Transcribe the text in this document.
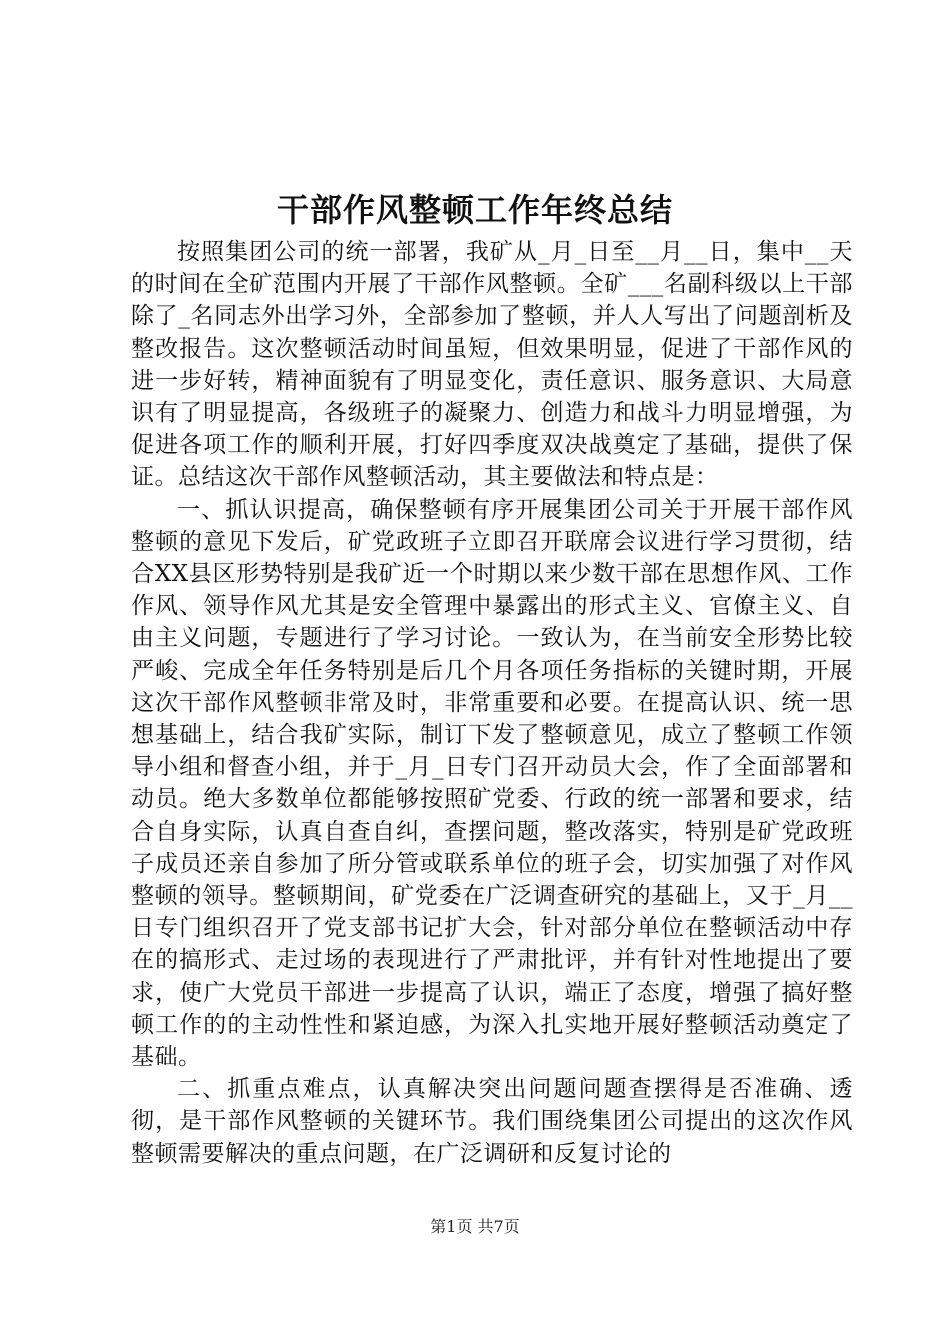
干部作风整顿工作年终总结

按照集团公司的统一部署，我矿从_月_日至__月__日，集中__天的时间在全矿范围内开展了干部作风整顿。全矿___名副科级以上干部除了_名同志外出学习外，全部参加了整顿，并人人写出了问题剖析及整改报告。这次整顿活动时间虽短，但效果明显，促进了干部作风的进一步好转，精神面貌有了明显变化，责任意识、服务意识、大局意识有了明显提高，各级班子的凝聚力、创造力和战斗力明显增强，为促进各项工作的顺利开展，打好四季度双决战奠定了基础，提供了保证。总结这次干部作风整顿活动，其主要做法和特点是：

一、抓认识提高，确保整顿有序开展集团公司关于开展干部作风整顿的意见下发后，矿党政班子立即召开联席会议进行学习贯彻，结合XX县区形势特别是我矿近一个时期以来少数干部在思想作风、工作作风、领导作风尤其是安全管理中暴露出的形式主义、官僚主义、自由主义问题，专题进行了学习讨论。一致认为，在当前安全形势比较严峻、完成全年任务特别是后几个月各项任务指标的关键时期，开展这次干部作风整顿非常及时，非常重要和必要。在提高认识、统一思想基础上，结合我矿实际，制订下发了整顿意见，成立了整顿工作领导小组和督查小组，并于_月_日专门召开动员大会，作了全面部署和动员。绝大多数单位都能够按照矿党委、行政的统一部署和要求，结合自身实际，认真自查自纠，查摆问题，整改落实，特别是矿党政班子成员还亲自参加了所分管或联系单位的班子会，切实加强了对作风整顿的领导。整顿期间，矿党委在广泛调查研究的基础上，又于_月__日专门组织召开了党支部书记扩大会，针对部分单位在整顿活动中存在的搞形式、走过场的表现进行了严肃批评，并有针对性地提出了要求，使广大党员干部进一步提高了认识，端正了态度，增强了搞好整顿工作的的主动性性和紧迫感，为深入扎实地开展好整顿活动奠定了基础。

二、抓重点难点，认真解决突出问题问题查摆得是否准确、透彻，是干部作风整顿的关键环节。我们围绕集团公司提出的这次作风整顿需要解决的重点问题，在广泛调研和反复讨论的

第1页 共7页
